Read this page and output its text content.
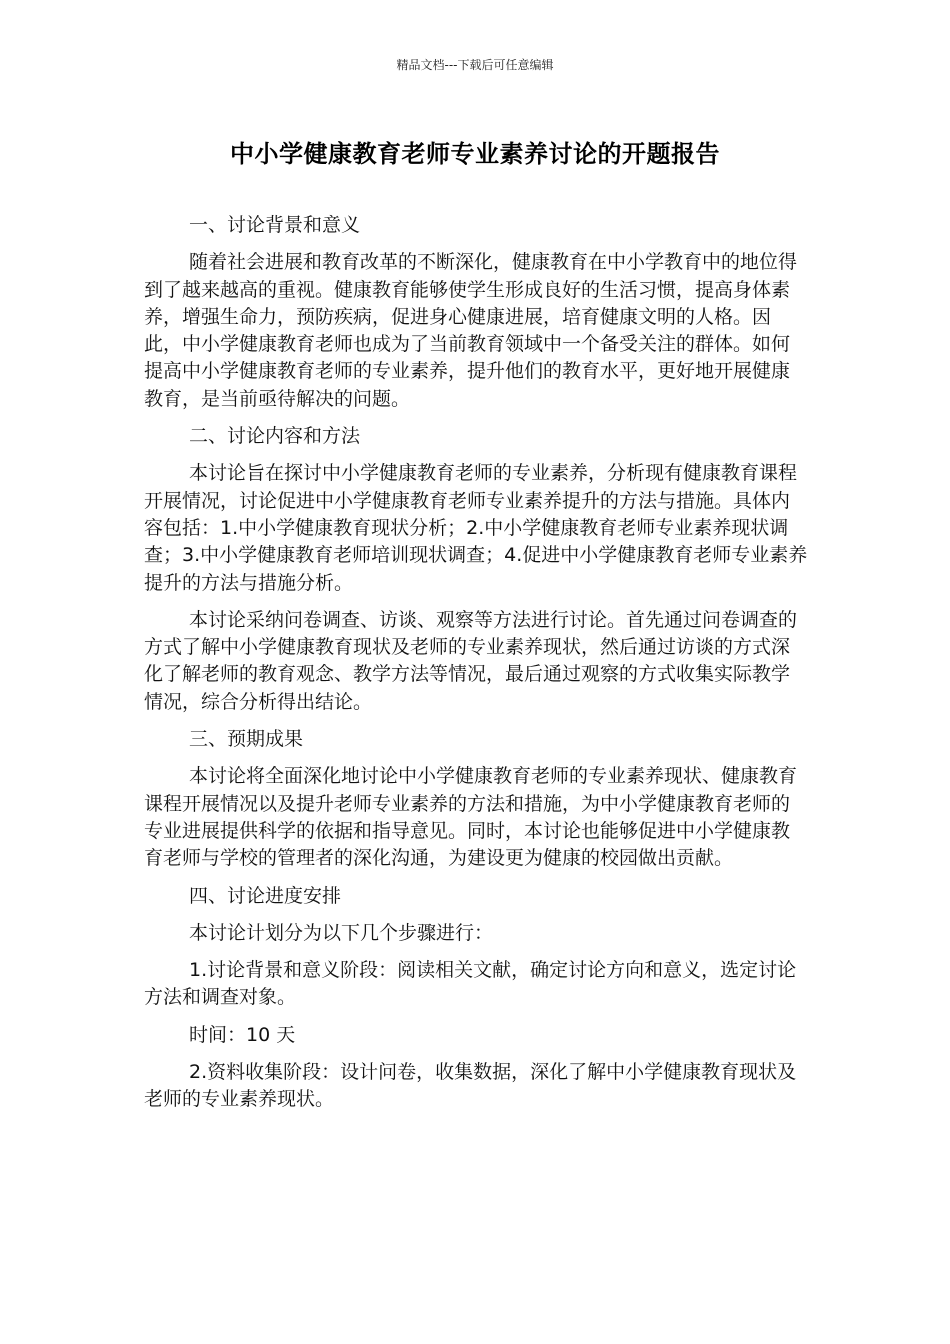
精品文档---下载后可任意编辑
中小学健康教育老师专业素养讨论的开题报告

一、讨论背景和意义

随着社会进展和教育改革的不断深化，健康教育在中小学教育中的地位得到了越来越高的重视。健康教育能够使学生形成良好的生活习惯，提高身体素养，增强生命力，预防疾病，促进身心健康进展，培育健康文明的人格。因此，中小学健康教育老师也成为了当前教育领域中一个备受关注的群体。如何提高中小学健康教育老师的专业素养，提升他们的教育水平，更好地开展健康教育，是当前亟待解决的问题。

二、讨论内容和方法

本讨论旨在探讨中小学健康教育老师的专业素养，分析现有健康教育课程开展情况，讨论促进中小学健康教育老师专业素养提升的方法与措施。具体内容包括：1.中小学健康教育现状分析；2.中小学健康教育老师专业素养现状调查；3.中小学健康教育老师培训现状调查；4.促进中小学健康教育老师专业素养提升的方法与措施分析。

本讨论采纳问卷调查、访谈、观察等方法进行讨论。首先通过问卷调查的方式了解中小学健康教育现状及老师的专业素养现状，然后通过访谈的方式深化了解老师的教育观念、教学方法等情况，最后通过观察的方式收集实际教学情况，综合分析得出结论。

三、预期成果

本讨论将全面深化地讨论中小学健康教育老师的专业素养现状、健康教育课程开展情况以及提升老师专业素养的方法和措施，为中小学健康教育老师的专业进展提供科学的依据和指导意见。同时，本讨论也能够促进中小学健康教育老师与学校的管理者的深化沟通，为建设更为健康的校园做出贡献。

四、讨论进度安排

本讨论计划分为以下几个步骤进行：

1.讨论背景和意义阶段：阅读相关文献，确定讨论方向和意义，选定讨论方法和调查对象。

时间：10 天

2.资料收集阶段：设计问卷，收集数据，深化了解中小学健康教育现状及老师的专业素养现状。
